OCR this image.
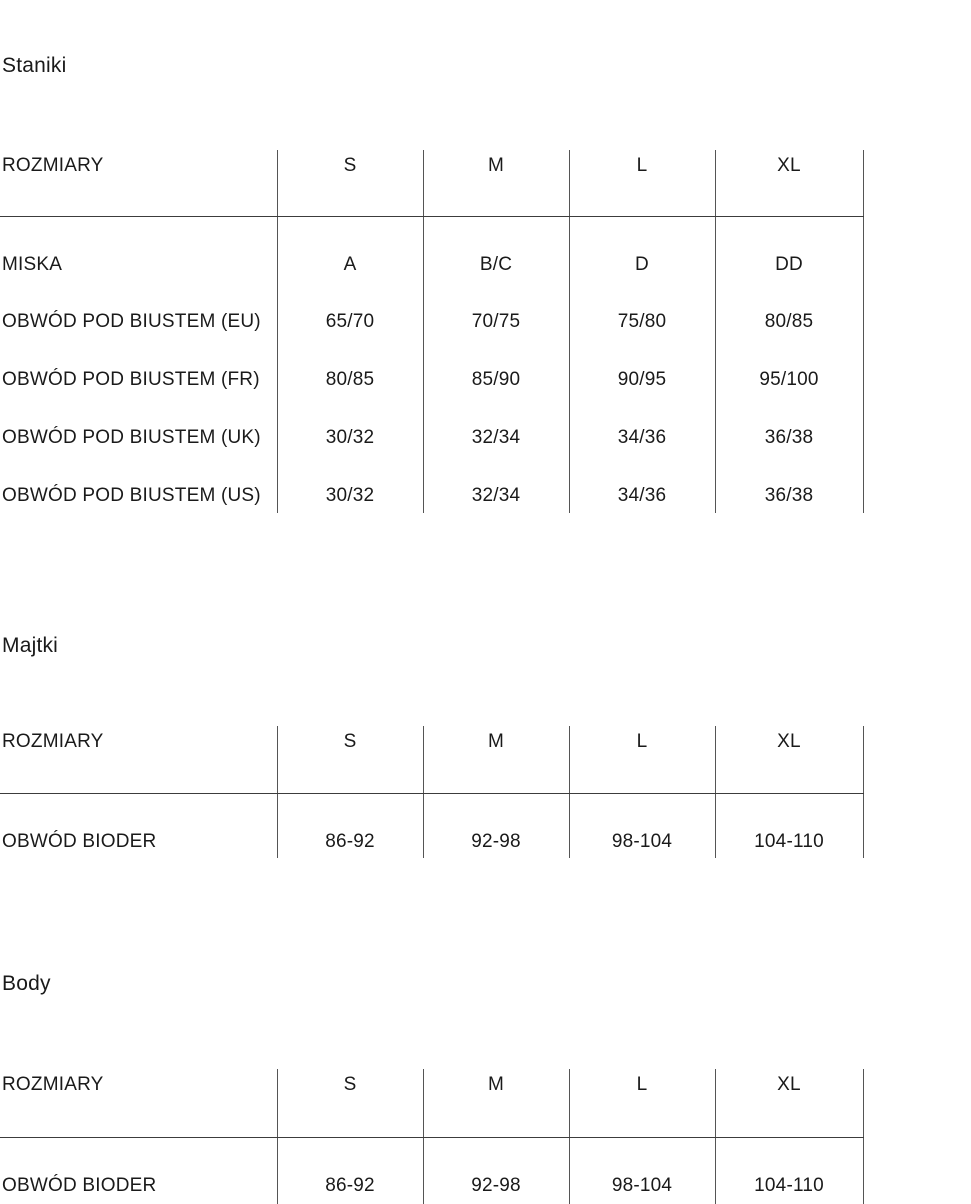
Staniki
ROZMIARY	S	M	L	XL
MISKA	A	B/C	D	DD
OBWÓD POD BIUSTEM (EU)	65/70	70/75	75/80	80/85
OBWÓD POD BIUSTEM (FR)	80/85	85/90	90/95	95/100
OBWÓD POD BIUSTEM (UK)	30/32	32/34	34/36	36/38
OBWÓD POD BIUSTEM (US)	30/32	32/34	34/36	36/38
Majtki
ROZMIARY	S	M	L	XL
OBWÓD BIODER	86-92	92-98	98-104	104-110
Body
ROZMIARY	S	M	L	XL
OBWÓD BIODER	86-92	92-98	98-104	104-110
